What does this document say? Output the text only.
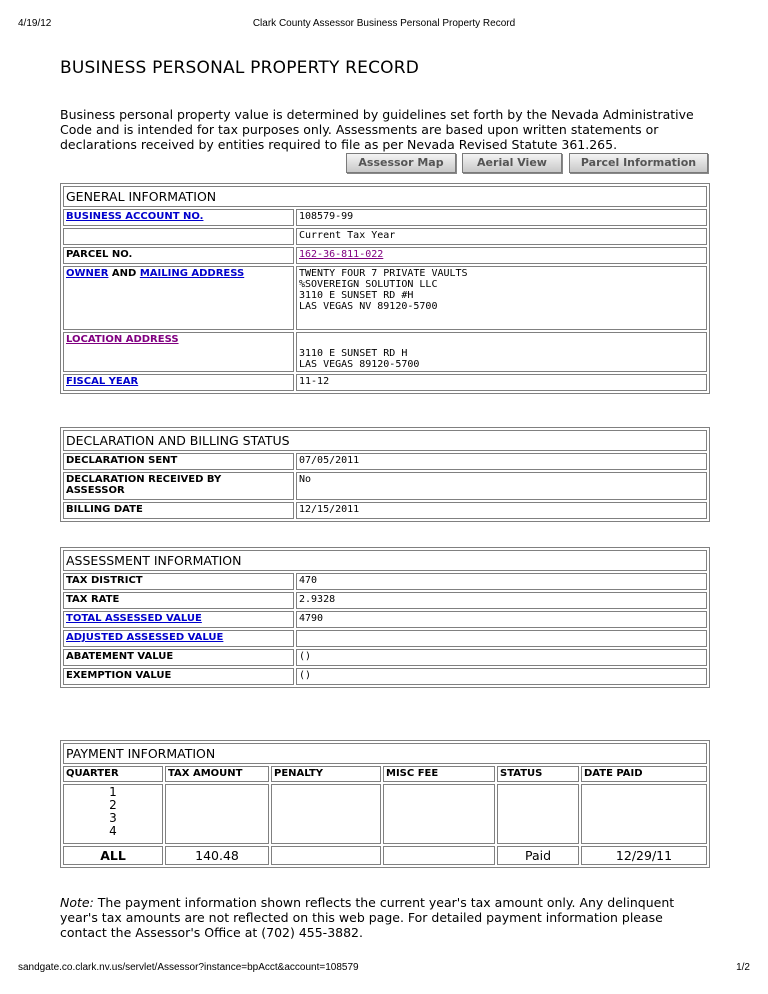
4/19/12	Clark County Assessor Business Personal Property Record
BUSINESS PERSONAL PROPERTY RECORD

Business personal property value is determined by guidelines set forth by the Nevada Administrative Code and is intended for tax purposes only. Assessments are based upon written statements or declarations received by entities required to file as per Nevada Revised Statute 361.265.

Assessor Map	Aerial View	Parcel Information
GENERAL INFORMATION	
BUSINESS ACCOUNT NO.	108579-99
	Current Tax Year
PARCEL NO.	162-36-811-022
OWNER AND MAILING ADDRESS	TWENTY FOUR 7 PRIVATE VAULTS
%SOVEREIGN SOLUTION LLC
3110 E SUNSET RD #H
LAS VEGAS NV 89120-5700

LOCATION ADDRESS	3110 E SUNSET RD H
LAS VEGAS 89120-5700

FISCAL YEAR	11-12
DECLARATION AND BILLING STATUS	
DECLARATION SENT	07/05/2011

DECLARATION RECEIVED BY
ASSESSOR	No
BILLING DATE	12/15/2011
ASSESSMENT INFORMATION	
TAX DISTRICT	470
TAX RATE	2.9328
TOTAL ASSESSED VALUE	4790
ADJUSTED ASSESSED VALUE	
ABATEMENT VALUE	()
EXEMPTION VALUE	()
PAYMENT INFORMATION					
QUARTER	TAX AMOUNT	PENALTY	MISC FEE	STATUS	DATE PAID

1
2
3
4					

ALL	140.48			Paid	12/29/11

Note: The payment information shown reflects the current year's tax amount only. Any delinquent year's tax amounts are not reflected on this web page. For detailed payment information please contact the Assessor's Office at (702) 455-3882.

sandgate.co.clark.nv.us/servlet/Assessor?instance=bpAcct&account=108579	1/2
